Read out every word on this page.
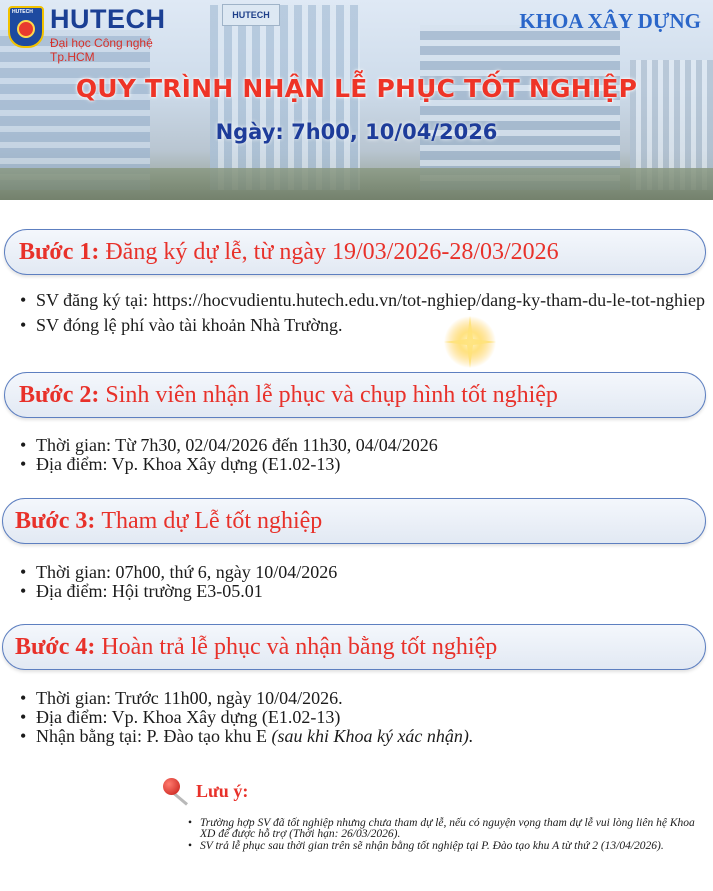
HUTECH
HUTECH HUTECH
Đại học Công nghệ Tp.HCM
KHOA XÂY DỰNG
QUY TRÌNH NHẬN LỄ PHỤC TỐT NGHIỆP
Ngày: 7h00, 10/04/2026
Bước 1: Đăng ký dự lễ, từ ngày 19/03/2026-28/03/2026
• SV đăng ký tại: https://hocvudientu.hutech.edu.vn/tot-nghiep/dang-ky-tham-du-le-tot-nghiep
• SV đóng lệ phí vào tài khoản Nhà Trường.
Bước 2: Sinh viên nhận lễ phục và chụp hình tốt nghiệp
• Thời gian: Từ 7h30, 02/04/2026 đến 11h30, 04/04/2026
• Địa điểm: Vp. Khoa Xây dựng (E1.02-13)
Bước 3: Tham dự Lễ tốt nghiệp
• Thời gian: 07h00, thứ 6, ngày 10/04/2026
• Địa điểm: Hội trường E3-05.01
Bước 4: Hoàn trả lễ phục và nhận bằng tốt nghiệp
• Thời gian: Trước 11h00, ngày 10/04/2026.
• Địa điểm: Vp. Khoa Xây dựng (E1.02-13)
• Nhận bằng tại: P. Đào tạo khu E (sau khi Khoa ký xác nhận).
Lưu ý:
• Trường hợp SV đã tốt nghiệp nhưng chưa tham dự lễ, nếu có nguyện vọng tham dự lễ vui lòng liên hệ Khoa XD để được hỗ trợ (Thời hạn: 26/03/2026).
• SV trả lễ phục sau thời gian trên sẽ nhận bằng tốt nghiệp tại P. Đào tạo khu A từ thứ 2 (13/04/2026).
